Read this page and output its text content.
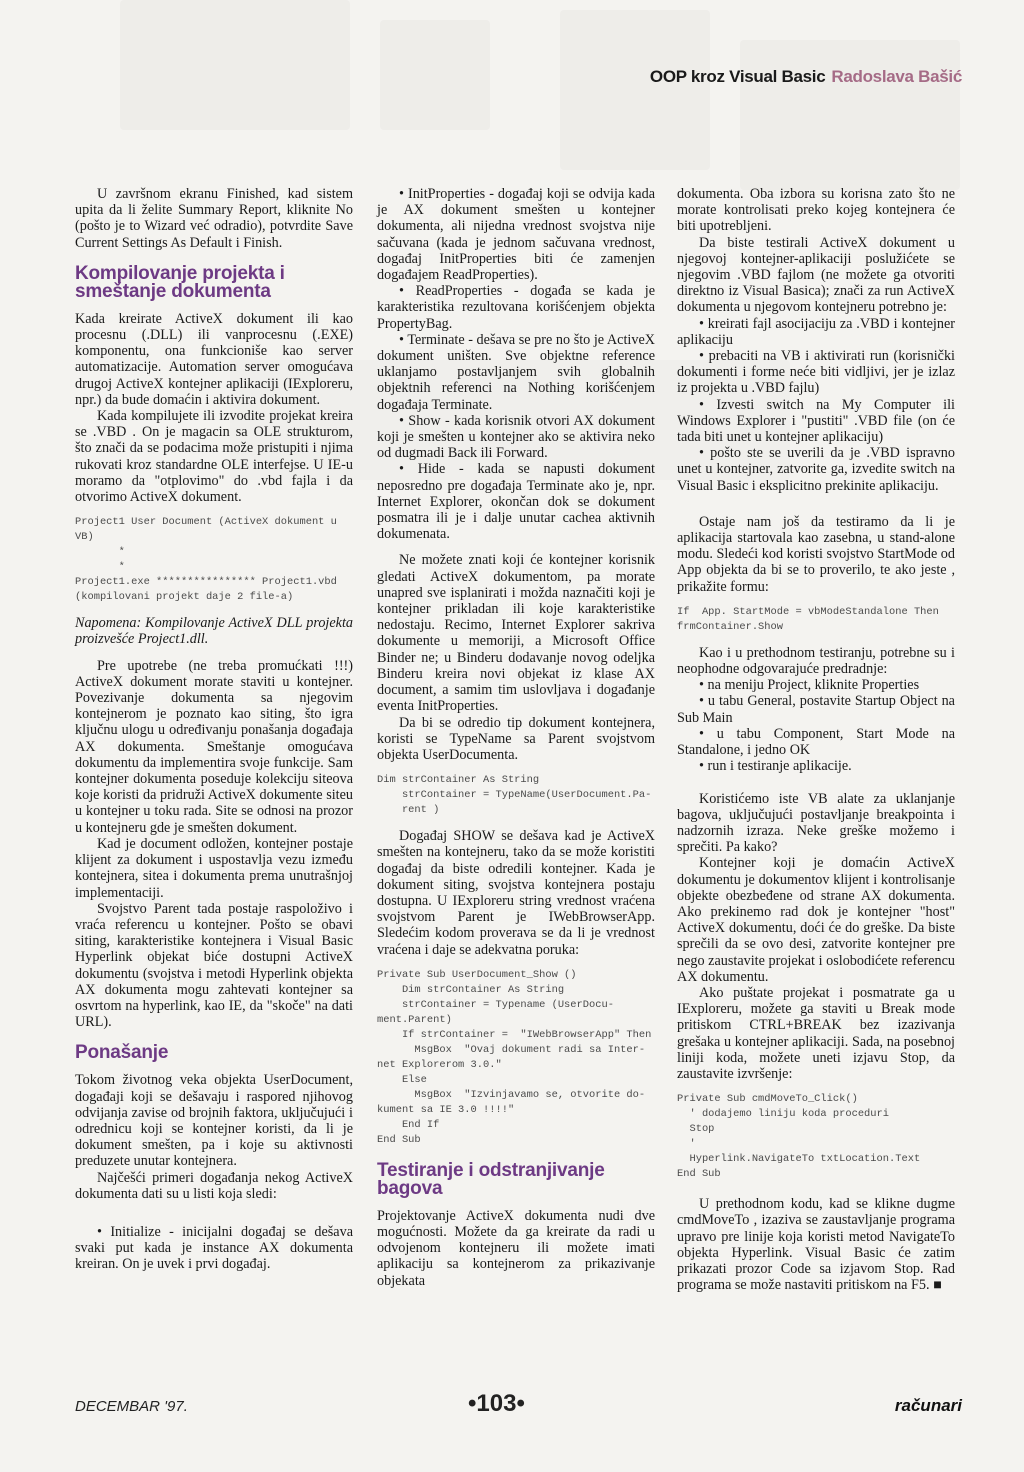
OOP kroz Visual Basic Radoslava Bašić

U završnom ekranu Finished, kad sistem upita da li želite Summary Report, kliknite No (pošto je to Wizard već odradio), potvrdite Save Current Settings As Default i Finish.

Kompilovanje projekta i smeštanje dokumenta

Kada kreirate ActiveX dokument ili kao procesnu (.DLL) ili vanprocesnu (.EXE) komponentu, ona funkcioniše kao server automatizacije. Automation server omogućava drugoj ActiveX kontejner aplikaciji (IExploreru, npr.) da bude domaćin i aktivira dokument.

Kada kompilujete ili izvodite projekat kreira se .VBD . On je magacin sa OLE strukturom, što znači da se podacima može pristupiti i njima rukovati kroz standardne OLE interfejse. U IE-u moramo da "otplovimo" do .vbd fajla i da otvorimo ActiveX dokument.

Project1 User Document (ActiveX dokument u
VB)
*
*
Project1.exe **************** Project1.vbd
(kompilovani projekt daje 2 file-a)

Napomena: Kompilovanje ActiveX DLL projekta proizvešće Project1.dll.

Pre upotrebe (ne treba promućkati !!!) ActiveX dokument morate staviti u kontejner. Povezivanje dokumenta sa njegovim kontejnerom je poznato kao siting, što igra ključnu ulogu u određivanju ponašanja događaja AX dokumenta. Smeštanje omogućava dokumentu da implementira svoje funkcije. Sam kontejner dokumenta poseduje kolekciju siteova koje koristi da pridruži ActiveX dokumente sitеu u kontejner u toku rada. Site se odnosi na prozor u kontejneru gde je smešten dokument.

Kad je document odložen, kontejner postaje klijent za dokument i uspostavlja vezu između kontejnera, sitea i dokumenta prema unutrašnjoj implementaciji.

Svojstvo Parent tada postaje raspoloživo i vraća referencu u kontejner. Pošto se obavi siting, karakteristike kontejnera i Visual Basic Hyperlink objekat biće dostupni ActiveX dokumentu (svojstva i metodi Hyperlink objekta AX dokumenta mogu zahtevati kontejner sa osvrtom na hyperlink, kao IE, da "skoče" na dati URL).

Ponašanje

Tokom životnog veka objekta UserDocument, događaji koji se dešavaju i raspored njihovog odvijanja zavise od brojnih faktora, uključujući i odrednicu koji se kontejner koristi, da li je dokument smešten, pa i koje su aktivnosti preduzete unutar kontejnera.

Najčešći primeri događanja nekog ActiveX dokumenta dati su u listi koja sledi:

• Initialize - inicijalni događaj se dešava svaki put kada je instance AX dokumenta kreiran. On je uvek i prvi događaj.

• InitProperties - događaj koji se odvija kada je AX dokument smešten u kontejner dokumenta, ali nijedna vrednost svojstva nije sačuvana (kada je jednom sačuvana vrednost, događaj InitProperties biti će zamenjen događajem ReadProperties).

• ReadProperties - događa se kada je karakteristika rezultovana korišćenjem objekta PropertyBag.

• Terminate - dešava se pre no što je ActiveX dokument uništen. Sve objektne reference uklanjamo postavljanjem svih globalnih objektnih referenci na Nothing korišćenjem događaja Terminate.

• Show - kada korisnik otvori AX dokument koji je smešten u kontejner ako se aktivira neko od dugmadi Back ili Forward.

• Hide - kada se napusti dokument neposredno pre događaja Terminate ako je, npr. Internet Explorer, okončan dok se dokument posmatra ili je i dalje unutar cachea aktivnih dokumenata.

Ne možete znati koji će kontejner korisnik gledati ActiveX dokumentom, pa morate unapred sve isplanirati i možda naznačiti koji je kontejner prikladan ili koje karakteristike nedostaju. Recimo, Internet Explorer sakriva dokumente u memoriji, a Microsoft Office Binder ne; u Binderu dodavanje novog odeljka Binderu kreira novi objekat iz klase AX document, a samim tim uslovljava i događanje eventa InitProperties.

Da bi se odredio tip dokument kontejnera, koristi se TypeName sa Parent svojstvom objekta UserDocumenta.

Dim strContainer As String
strContainer = TypeName(UserDocument.Pa-
rent )

Događaj SHOW se dešava kad je ActiveX smešten na kontejneru, tako da se može koristiti događaj da biste odredili kontejner. Kada je dokument siting, svojstva kontejnera postaju dostupna. U IExploreru string vrednost vraćena svojstvom Parent je IWebBrowserApp. Sledećim kodom proverava se da li je vrednost vraćena i daje se adekvatna poruka:

Private Sub UserDocument_Show ()
Dim strContainer As String
strContainer = Typename (UserDocu-
ment.Parent)
If strContainer =  "IWebBrowserApp" Then
MsgBox  "Ovaj dokument radi sa Inter-
net Explorerom 3.0."
Else
MsgBox  "Izvinjavamo se, otvorite do-
kument sa IE 3.0 !!!!"
End If
End Sub
Testiranje i odstranjivanje bagova

Projektovanje ActiveX dokumenta nudi dve mogućnosti. Možete da ga kreirate da radi u odvojenom kontejneru ili možete imati aplikaciju sa kontejnerom za prikazivanje objekata

dokumenta. Oba izbora su korisna zato što ne morate kontrolisati preko kojeg kontejnera će biti upotrebljeni.

Da biste testirali ActiveX dokument u njegovoj kontejner-aplikaciji poslužićete se njegovim .VBD fajlom (ne možete ga otvoriti direktno iz Visual Basica); znači za run ActiveX dokumenta u njegovom kontejneru potrebno je:

• kreirati fajl asocijaciju za .VBD i kontejner aplikaciju

• prebaciti na VB i aktivirati run (korisnički dokumenti i forme neće biti vidljivi, jer je izlaz iz projekta u .VBD fajlu)

• Izvesti switch na My Computer ili Windows Explorer i "pustiti" .VBD file (on će tada biti unet u kontejner aplikaciju)

• pošto ste se uverili da je .VBD ispravno unet u kontejner, zatvorite ga, izvedite switch na Visual Basic i eksplicitno prekinite aplikaciju.

Ostaje nam još da testiramo da li je aplikacija startovala kao zasebna, u stand-alone modu. Sledeći kod koristi svojstvo StartMode od App objekta da bi se to proverilo, te ako jeste , prikažite formu:

If  App. StartMode = vbModeStandalone Then
frmContainer.Show

Kao i u prethodnom testiranju, potrebne su i neophodne odgovarajuće predradnje:

• na meniju Project, kliknite Properties

• u tabu General, postavite Startup Object na Sub Main

• u tabu Component, Start Mode na Standalone, i jedno OK

• run i testiranje aplikacije.

Koristićemo iste VB alate za uklanjanje bagova, uključujući postavljanje breakpointa i nadzornih izraza. Neke greške možemo i sprečiti. Pa kako?

Kontejner koji je domaćin ActiveX dokumentu je dokumentov klijent i kontrolisanje objekte obezbeđene od strane AX dokumenta. Ako prekinemo rad dok je kontejner "host" ActiveX dokumentu, doći će do greške. Da biste sprečili da se ovo desi, zatvorite kontejner pre nego zaustavite projekat i oslobodićete referencu AX dokumentu.

Ako puštate projekat i posmatrate ga u IExploreru, možete ga staviti u Break mode pritiskom CTRL+BREAK bez izazivanja grešaka u kontejner aplikaciji. Sada, na posebnoj liniji koda, možete uneti izjavu Stop, da zaustavite izvršenje:

Private Sub cmdMoveTo_Click()
' dodajemo liniju koda proceduri
Stop
'
Hyperlink.NavigateTo txtLocation.Text
End Sub

U prethodnom kodu, kad se klikne dugme cmdMoveTo , izaziva se zaustavljanje programa upravo pre linije koja koristi metod NavigateTo objekta Hyperlink. Visual Basic će zatim prikazati prozor Code sa izjavom Stop. Rad programa se može nastaviti pritiskom na F5. ■

DECEMBAR '97.	•103•	računari
